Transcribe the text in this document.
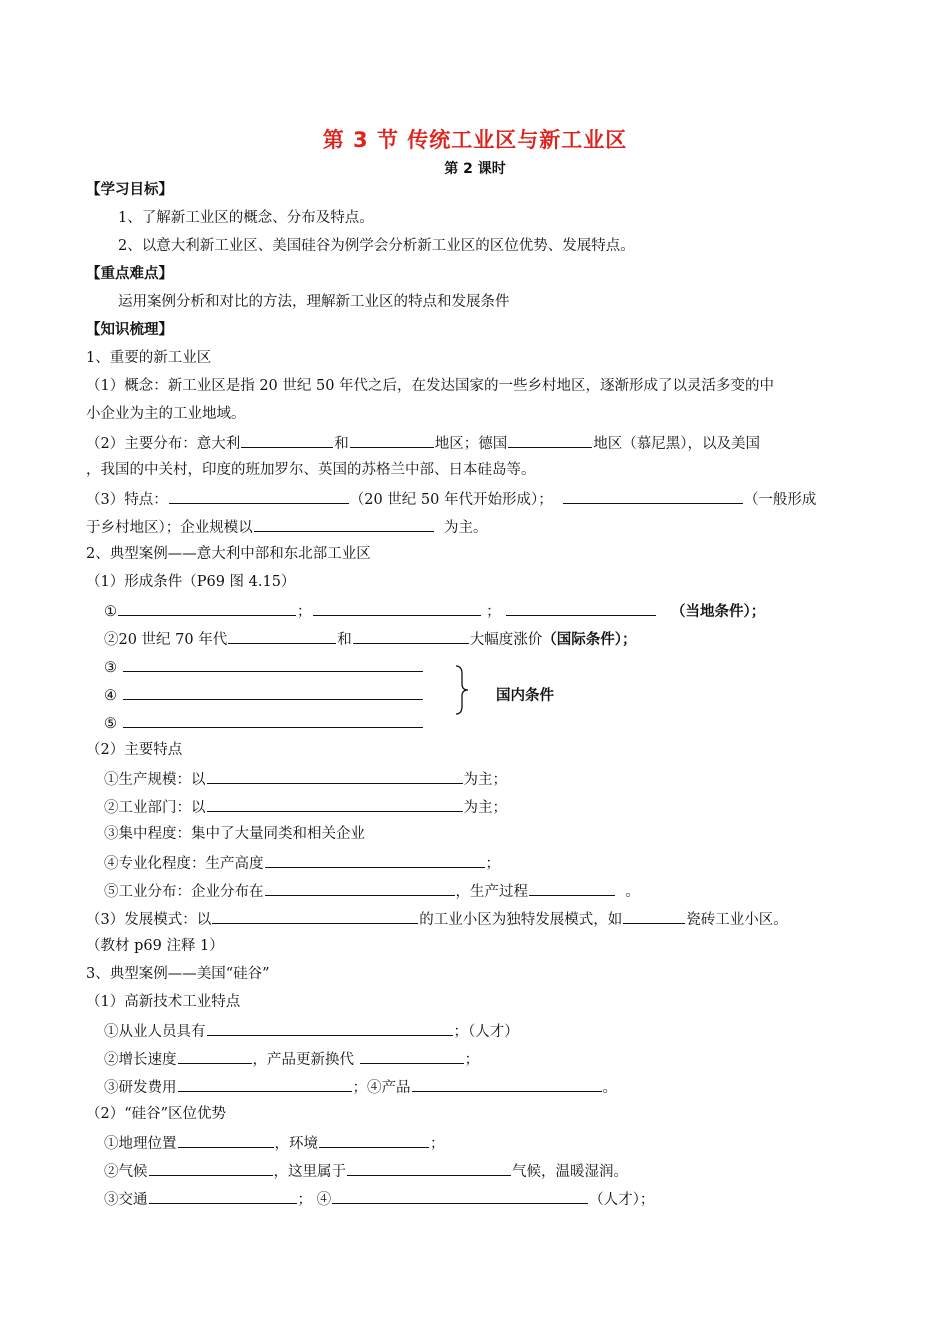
第 3 节 传统工业区与新工业区
第 2 课时
【学习目标】
1、了解新工业区的概念、分布及特点。
2、以意大利新工业区、美国硅谷为例学会分析新工业区的区位优势、发展特点。
【重点难点】
运用案例分析和对比的方法，理解新工业区的特点和发展条件
【知识梳理】
1、重要的新工业区
（1）概念：新工业区是指 20 世纪 50 年代之后，在发达国家的一些乡村地区，逐渐形成了以灵活多变的中
小企业为主的工业地域。
（2）主要分布：意大利	和	地区；德国	地区（慕尼黑），以及美国
，我国的中关村，印度的班加罗尔、英国的苏格兰中部、日本硅岛等。
（3）特点：	（20 世纪 50 年代开始形成）；	（一般形成
于乡村地区）；企业规模以	为主。
2、典型案例——意大利中部和东北部工业区
（1）形成条件（P69 图 4.15）
①	；	；	（当地条件）；
②20 世纪 70 年代	和	大幅度涨价（国际条件）；
③
④
⑤
国内条件
（2）主要特点
①生产规模：以	为主；
②工业部门：以	为主；
③集中程度：集中了大量同类和相关企业
④专业化程度：生产高度	；
⑤工业分布：企业分布在	，生产过程	。
（3）发展模式：以	的工业小区为独特发展模式，如	瓷砖工业小区。
（教材 p69 注释 1）
3、典型案例——美国“硅谷”
（1）高新技术工业特点
①从业人员具有	；（人才）
②增长速度	，产品更新换代	；
③研发费用	；④产品	。
（2）“硅谷”区位优势
①地理位置	，环境	；
②气候	，这里属于	气候，温暖湿润。
③交通	； ④	（人才）；
